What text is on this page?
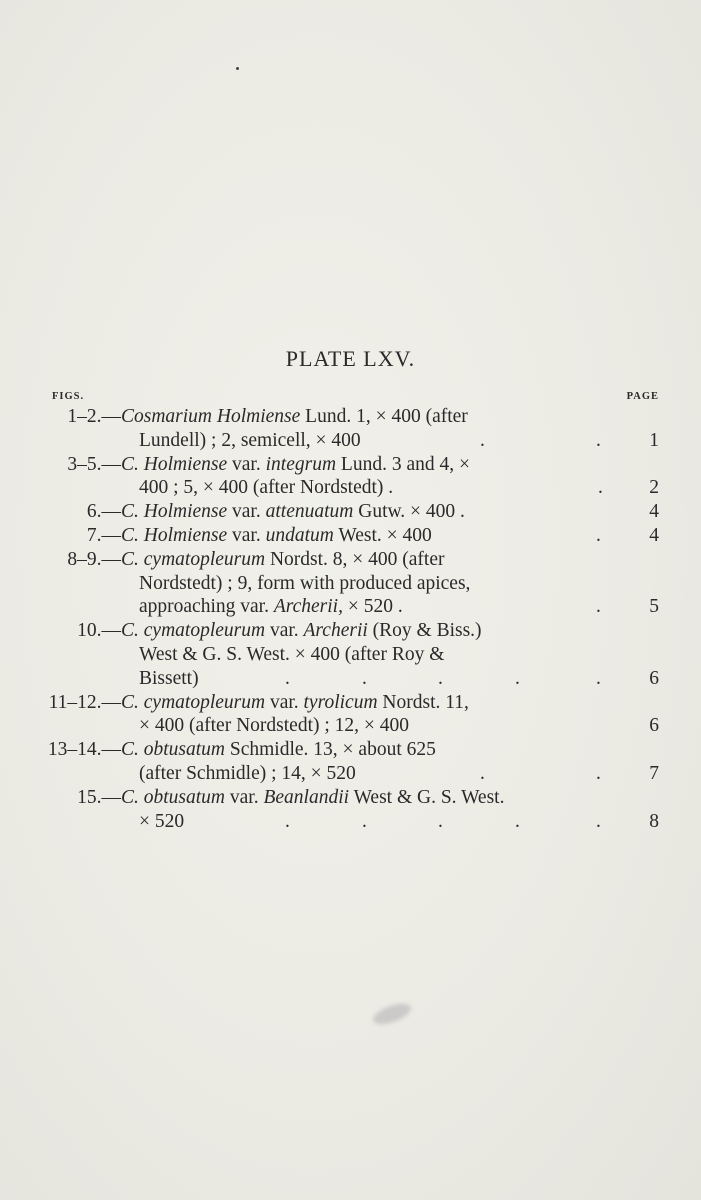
PLATE LXV.
FIGS.	PAGE
1–2.— Cosmarium Holmiense Lund. 1, × 400 (after
Lundell) ; 2, semicell, × 400	.	. 1
3–5.— C. Holmiense var. integrum Lund. 3 and 4, ×
400 ; 5, × 400 (after Nordstedt) .	. 2
6.— C. Holmiense var. attenuatum Gutw. × 400 .	4
7.— C. Holmiense var. undatum West. × 400	. 4
8–9.— C. cymatopleurum Nordst. 8, × 400 (after
Nordstedt) ; 9, form with produced apices,
approaching var. Archerii, × 520 .	. 5
10.— C. cymatopleurum var. Archerii (Roy & Biss.)
West & G. S. West. × 400 (after Roy &
Bissett)	.	.	.	.	. 6
11–12.— C. cymatopleurum var. tyrolicum Nordst. 11,
× 400 (after Nordstedt) ; 12, × 400	6
13–14.— C. obtusatum Schmidle. 13, × about 625
(after Schmidle) ; 14, × 520	.	. 7
15.— C. obtusatum var. Beanlandii West & G. S. West.
× 520	.	.	.	.	. 8
